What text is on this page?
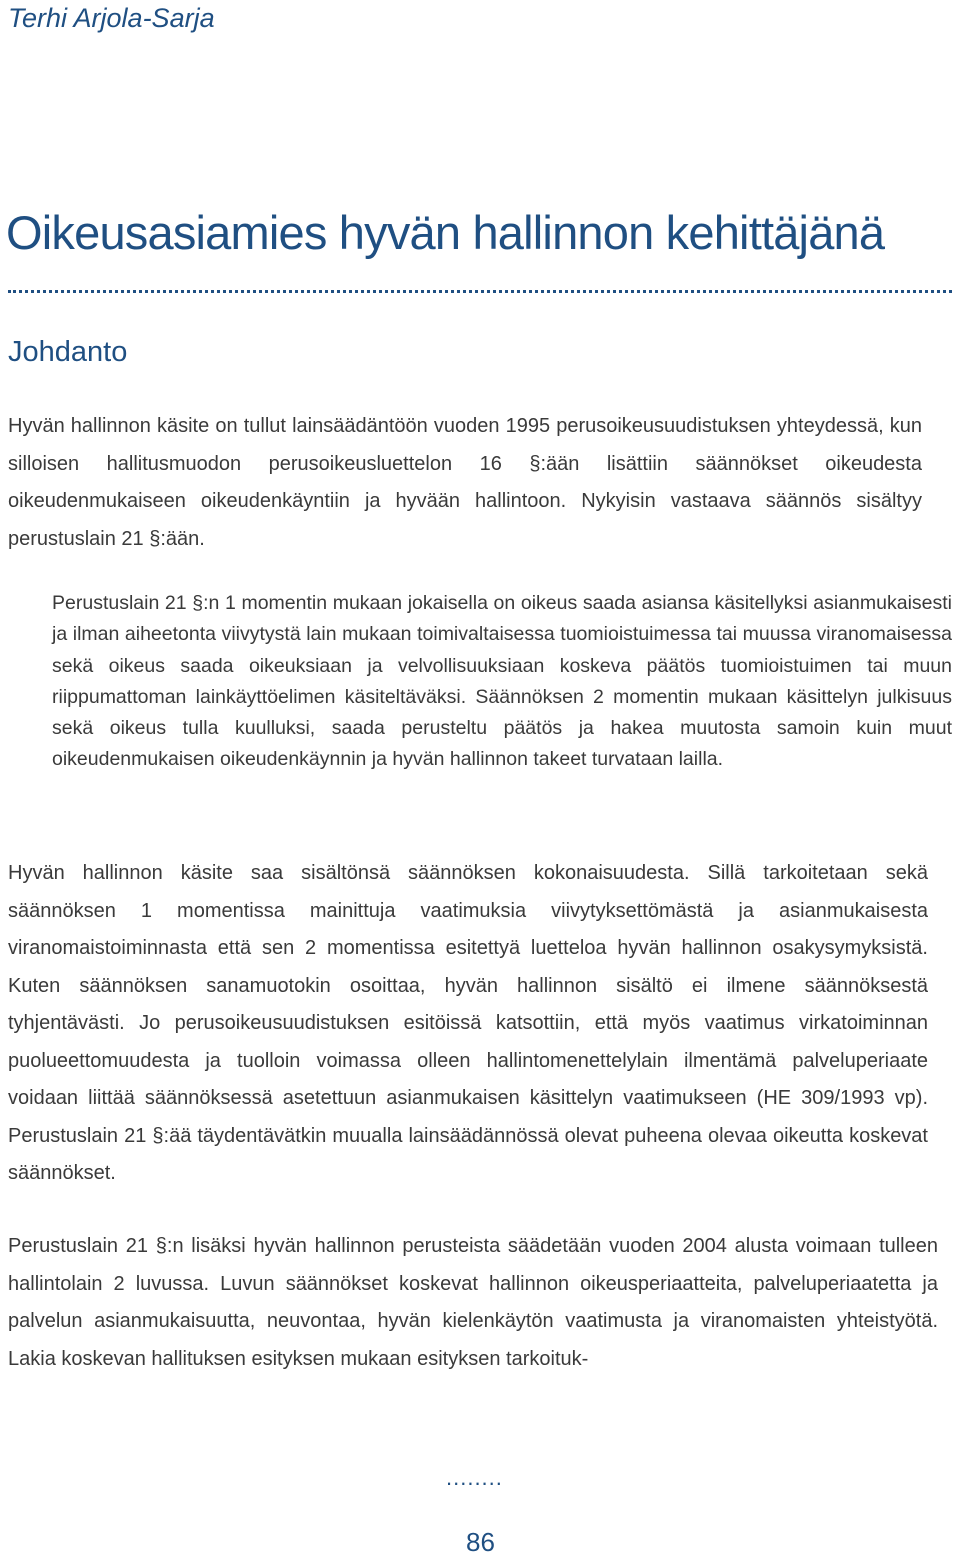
Terhi Arjola-Sarja

Oikeusasiamies hyvän hallinnon kehittäjänä
Johdanto

Hyvän hallinnon käsite on tullut lainsäädäntöön vuoden 1995 perusoikeusuudistuksen yhteydessä, kun silloisen hallitusmuodon perusoikeusluettelon 16 §:ään lisättiin säännökset oikeudesta oikeudenmukaiseen oikeudenkäyntiin ja hyvään hallintoon. Nykyisin vastaava säännös sisältyy perustuslain 21 §:ään.

Perustuslain 21 §:n 1 momentin mukaan jokaisella on oikeus saada asiansa käsitellyksi asianmukaisesti ja ilman aiheetonta viivytystä lain mukaan toimivaltaisessa tuomioistuimessa tai muussa viranomaisessa sekä oikeus saada oikeuksiaan ja velvollisuuksiaan koskeva päätös tuomioistuimen tai muun riippumattoman lainkäyttöelimen käsiteltäväksi. Säännöksen 2 momentin mukaan käsittelyn julkisuus sekä oikeus tulla kuulluksi, saada perusteltu päätös ja hakea muutosta samoin kuin muut oikeudenmukaisen oikeudenkäynnin ja hyvän hallinnon takeet turvataan lailla.

Hyvän hallinnon käsite saa sisältönsä säännöksen kokonaisuudesta. Sillä tarkoitetaan sekä säännöksen 1 momentissa mainittuja vaatimuksia viivytyksettömästä ja asianmukaisesta viranomaistoiminnasta että sen 2 momentissa esitettyä luetteloa hyvän hallinnon osakysymyksistä. Kuten säännöksen sanamuotokin osoittaa, hyvän hallinnon sisältö ei ilmene säännöksestä tyhjentävästi. Jo perusoikeusuudistuksen esitöissä katsottiin, että myös vaatimus virkatoiminnan puolueettomuudesta ja tuolloin voimassa olleen hallintomenettelylain ilmentämä palveluperiaate voidaan liittää säännöksessä asetettuun asianmukaisen käsittelyn vaatimukseen (HE 309/1993 vp). Perustuslain 21 §:ää täydentävätkin muualla lainsäädännössä olevat puheena olevaa oikeutta koskevat säännökset.

Perustuslain 21 §:n lisäksi hyvän hallinnon perusteista säädetään vuoden 2004 alusta voimaan tulleen hallintolain 2 luvussa. Luvun säännökset koskevat hallinnon oikeusperiaatteita, palveluperiaatetta ja palvelun asianmukaisuutta, neuvontaa, hyvän kielenkäytön vaatimusta ja viranomaisten yhteistyötä. Lakia koskevan hallituksen esityksen mukaan esityksen tarkoituk-

........

86
